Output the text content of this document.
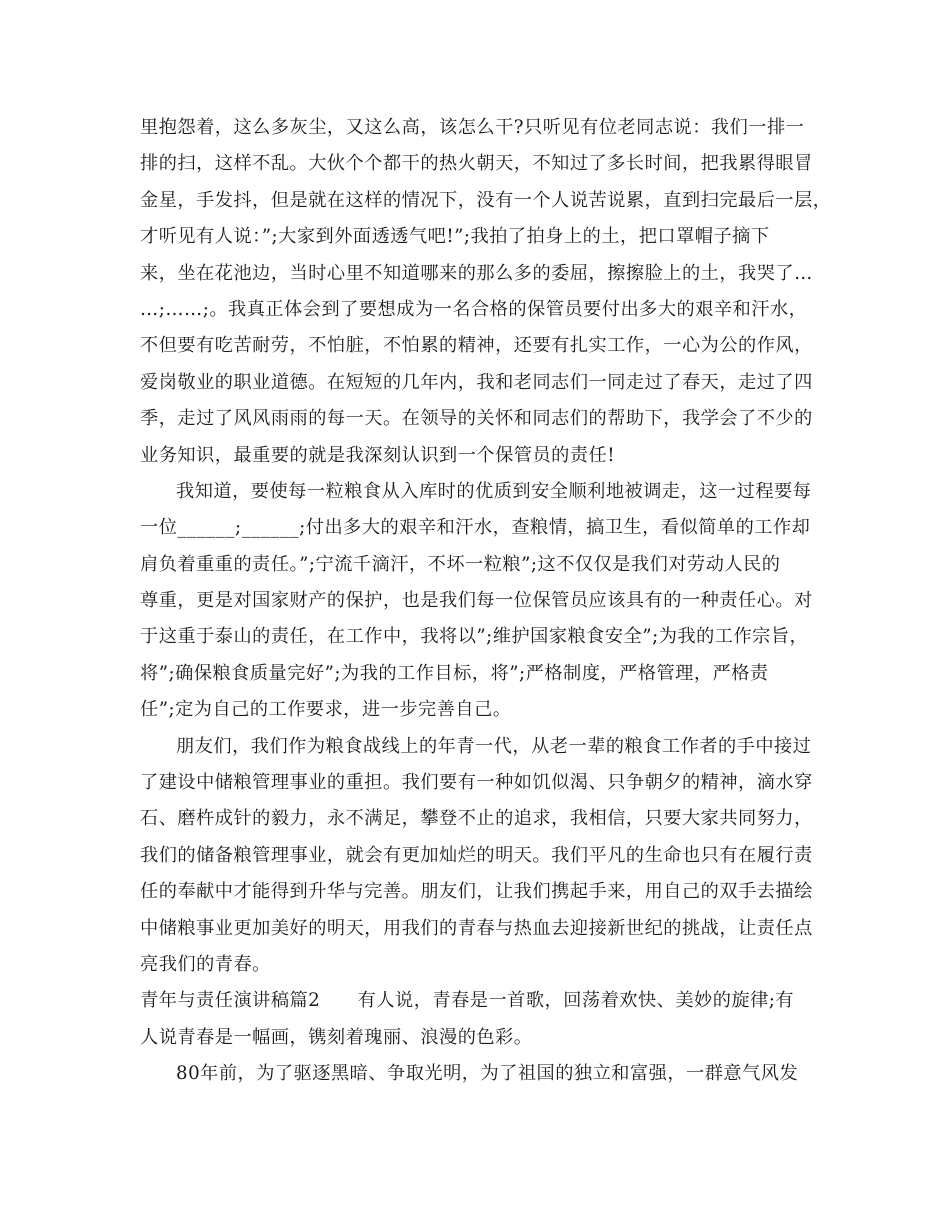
里抱怨着，这么多灰尘，又这么高，该怎么干?只听见有位老同志说：我们一排一
排的扫，这样不乱。大伙个个都干的热火朝天，不知过了多长时间，把我累得眼冒
金星，手发抖，但是就在这样的情况下，没有一个人说苦说累，直到扫完最后一层，
才听见有人说：”;大家到外面透透气吧!”;我拍了拍身上的土，把口罩帽子摘下
来，坐在花池边，当时心里不知道哪来的那么多的委屈，擦擦脸上的土，我哭了…
…;……;。我真正体会到了要想成为一名合格的保管员要付出多大的艰辛和汗水，
不但要有吃苦耐劳，不怕脏，不怕累的精神，还要有扎实工作，一心为公的作风，
爱岗敬业的职业道德。在短短的几年内，我和老同志们一同走过了春天，走过了四
季，走过了风风雨雨的每一天。在领导的关怀和同志们的帮助下，我学会了不少的
业务知识，最重要的就是我深刻认识到一个保管员的责任!
我知道，要使每一粒粮食从入库时的优质到安全顺利地被调走，这一过程要每
一位______;______;付出多大的艰辛和汗水，查粮情，搞卫生，看似简单的工作却
肩负着重重的责任。”;宁流千滴汗，不坏一粒粮”;这不仅仅是我们对劳动人民的
尊重，更是对国家财产的保护，也是我们每一位保管员应该具有的一种责任心。对
于这重于泰山的责任，在工作中，我将以”;维护国家粮食安全”;为我的工作宗旨，
将”;确保粮食质量完好”;为我的工作目标，将”;严格制度，严格管理，严格责
任”;定为自己的工作要求，进一步完善自己。
朋友们，我们作为粮食战线上的年青一代，从老一辈的粮食工作者的手中接过
了建设中储粮管理事业的重担。我们要有一种如饥似渴、只争朝夕的精神，滴水穿
石、磨杵成针的毅力，永不满足，攀登不止的追求，我相信，只要大家共同努力，
我们的储备粮管理事业，就会有更加灿烂的明天。我们平凡的生命也只有在履行责
任的奉献中才能得到升华与完善。朋友们，让我们携起手来，用自己的双手去描绘
中储粮事业更加美好的明天，用我们的青春与热血去迎接新世纪的挑战，让责任点
亮我们的青春。
青年与责任演讲稿篇2　　有人说，青春是一首歌，回荡着欢快、美妙的旋律;有
人说青春是一幅画，镌刻着瑰丽、浪漫的色彩。
80年前，为了驱逐黑暗、争取光明，为了祖国的独立和富强，一群意气风发
